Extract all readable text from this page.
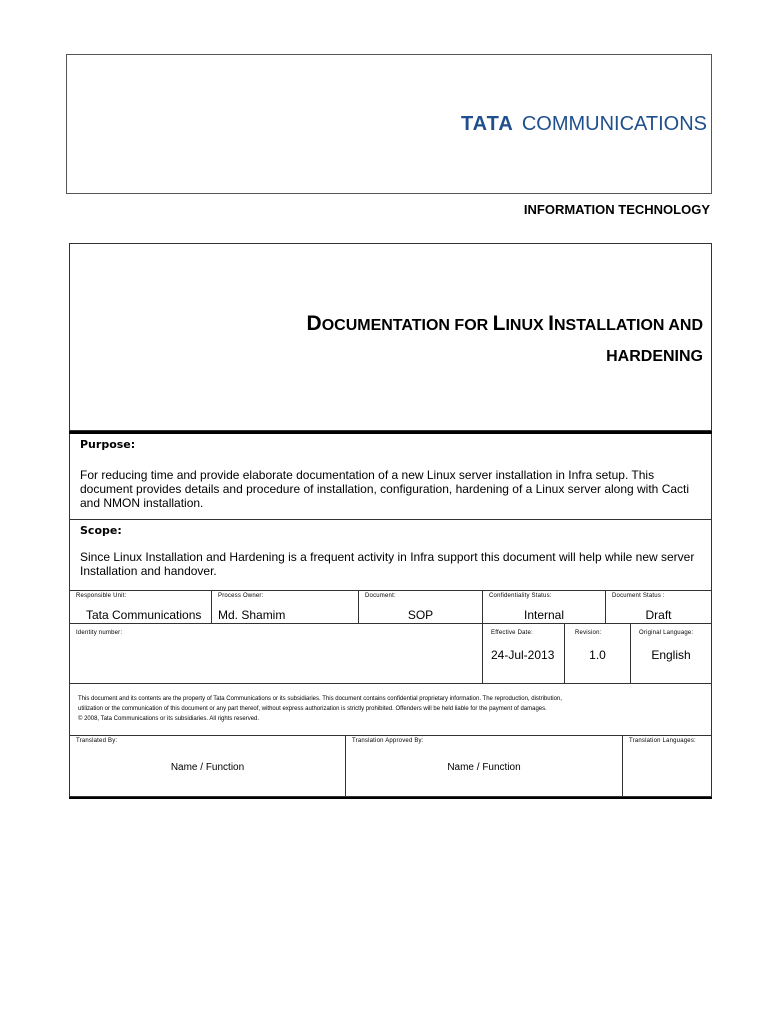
TATA COMMUNICATIONS
INFORMATION TECHNOLOGY
DOCUMENTATION FOR LINUX INSTALLATION AND
HARDENING
Purpose:
For reducing time and provide elaborate documentation of a new Linux server installation in Infra setup. This document provides details and procedure of installation, configuration, hardening of a Linux server along with Cacti and NMON installation.
Scope:
Since Linux Installation and Hardening is a frequent activity in Infra support this document will help while new server Installation and handover.
Responsible Unit:
Tata Communications
Process Owner:
Md. Shamim
Document:
SOP
Confidentiality Status:
Internal
Document Status :
Draft
Identity number:	Effective Date:
24-Jul-2013
Revision:
1.0
Original Language:
English

This document and its contents are the property of Tata Communications or its subsidiaries. This document contains confidential proprietary information. The reproduction, distribution,
utilization or the communication of this document or any part thereof, without express authorization is strictly prohibited. Offenders will be held liable for the payment of damages.
© 2008, Tata Communications or its subsidiaries. All rights reserved.

Translated By:
Name / Function
Translation Approved By:
Name / Function
Translation Languages:
